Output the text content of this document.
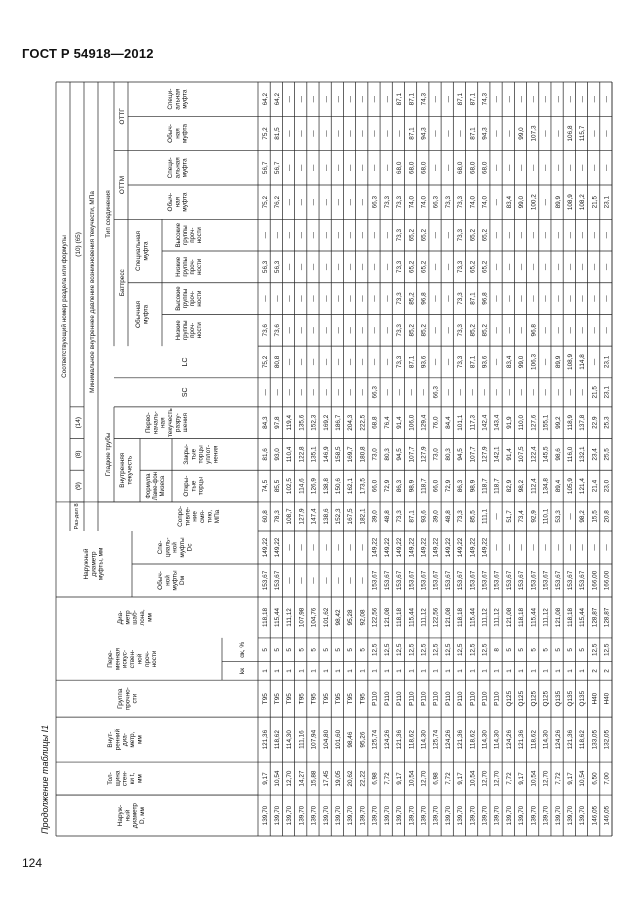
ГОСТ Р 54918—2012
Продолжение таблицы I1	Наруж- ный диаметр D, мм
Тол- щина стен- ки t, мм
Внут- ренний диа- метр, мм
Группа прочно- сти
Пере- менная искус- ствен- ной проч- ности
kк
αк, %
Диа- метр шаб- лона, мм
Наружный диаметр муфты, мм
Обыч- ной муфты Dм
Спе- циаль- ной муфты Dс
Соответствующий номер раздела или формулы
Раз-дел 8
(9)
(8)
(14)
(10) (65) Минимальное внутреннее давление возникновения текучести, МПа
Сопро- тивле- ние смя- тию, МПа
Гладкие трубы Внутренняя текучесть
Формула Ламе-фон Мизеса	Откры- тые торцы
Закры- тые торцы уплот- нения
Перво- началь- ная текучесть разру- шения
SC
LC
Тип соединения
Баттресс
Обычная муфта
Специальная муфта
Низкие группы проч- ности
Высокие группы проч- ности
Низкие группы проч- ности
Высокие группы проч- ности
ОТТМ
ОТТГ
Обыч- ная муфта
Специ- альная муфта
Обыч- ная муфта
Специ- альная муфта
139,70
9,17
121,36
T95
1
5
118,18
153,67
149,22
60,8
74,5
81,6
84,3
—
75,2
73,6
—
56,3
—
75,2
56,7
75,2
64,2
139,70
10,54
118,62
T95
1
5
115,44
153,67
149,22
78,3
85,5
93,0
97,8
—
80,8
73,6
—
56,3
—
76,2
56,7
81,5
64,2
139,70
12,70
114,30
T95
1
5
111,12
—
—
108,7
102,5
110,4
119,4
—
—
—
—
—
—
—
—
—
—
139,70
14,27
111,16
T95
1
5
107,98
—
—
127,9
114,6
122,8
135,6
—
—
—
—
—
—
—
—
—
—
139,70
15,88
107,94
T95
1
5
104,76
—
—
147,4
126,9
135,1
152,3
—
—
—
—
—
—
—
—
—
—
139,70
17,45
104,80
T95
1
5
101,62
—
—
138,6
138,8
146,9
169,2
—
—
—
—
—
—
—
—
—
—
139,70
19,05
101,60
T95
1
5
98,42
—
—
152,3
150,6
158,5
186,7
—
—
—
—
—
—
—
—
—
—
139,70
20,62
98,46
T95
1
5
95,28
—
—
167,5
162,1
169,7
204,3
—
—
—
—
—
—
—
—
—
—
139,70
22,22
95,26
T95
1
5
92,08
—
—
182,1
173,5
180,8
222,5
—
—
—
—
—
—
—
—
—
—
139,70
6,98
125,74
P110
1
12,5
122,56
153,67
149,22
39,0
66,0
73,0
68,8
66,3
—
—
—
—
—
66,3
—
—
—
139,70
7,72
124,26
P110
1
12,5
121,08
153,67
149,22
48,8
72,9
80,3
76,4
—
—
—
—
—
—
73,3
—
—
—
139,70
9,17
121,36
P110
1
12,5
118,18
153,67
149,22
73,3
86,3
94,5
91,4
—
73,3
73,3
73,3
73,3
73,3
73,3
68,0
—
87,1
139,70
10,54
118,62
P110
1
12,5
115,44
153,67
149,22
87,1
98,9
107,7
106,0
—
87,1
85,2
85,2
65,2
65,2
74,0
68,0
87,1
87,1
139,70
12,70
114,30
P110
1
12,5
111,12
153,67
149,22
93,6
118,7
127,9
129,4
—
93,6
85,2
96,8
65,2
65,2
74,0
68,0
94,3
74,3
139,70
6,98
125,74
P110
1
12,5
122,56
153,67
149,22
39,0
66,0
73,0
76,0
66,3
—
—
—
—
—
66,3
—
—
—
139,70
7,72
124,26
P110
1
12,5
121,08
153,67
149,22
48,8
72,9
80,3
84,4
—
—
—
—
—
—
73,3
—
—
—
139,70
9,17
121,36
P110
1
12,5
118,18
153,67
149,22
73,3
86,3
94,5
101,1
—
73,3
73,3
73,3
73,3
73,3
73,3
68,0
—
87,1
139,70
10,54
118,62
P110
1
12,5
115,44
153,67
149,22
85,5
98,9
107,7
117,3
—
87,1
85,2
87,1
65,2
65,2
74,0
68,0
87,1
87,1
139,70
12,70
114,30
P110
1
12,5
111,12
153,67
149,22
111,1
118,7
127,9
142,4
—
93,6
85,2
96,8
65,2
65,2
74,0
68,0
94,3
74,3
139,70
12,70
114,30
P110
1
8
111,12
153,67
—
—
118,7
142,1
143,4
—
—
—
—
—
—
—
—
—
—
139,70
7,72
124,26
Q125
1
5
121,08
153,67
—
51,7
82,9
91,4
91,9
—
83,4
—
—
—
—
83,4
—
—
—
139,70
9,17
121,36
Q125
1
5
118,18
153,67
—
73,4
98,2
107,5
110,0
—
99,0
—
—
—
—
99,0
—
99,0
—
139,70
10,54
118,62
Q125
1
5
115,44
153,67
—
92,9
112,4
122,4
127,6
—
106,3
96,8
—
—
—
100,2
—
107,3
—
139,70
12,70
114,30
Q125
1
5
111,12
153,67
—
110,1
134,8
145,5
155,1
—
—
—
—
—
—
—
—
—
—
139,70
7,72
124,26
Q135
1
5
121,08
153,67
—
53,3
89,4
98,6
99,2
—
89,9
—
—
—
—
89,9
—
—
—
139,70
9,17
121,36
Q135
1
5
118,18
153,67
—
—
105,9
116,0
118,9
—
108,9
—
—
—
—
108,9
—
106,8
—
139,70
10,54
118,62
Q135
1
5
115,44
153,67
—
98,2
121,4
132,1
137,8
—
114,8
—
—
—
—
108,2
—
115,7
—
146,05
6,50
133,05
H40
2
12,5
128,87
166,00
—
15,5
21,4
23,4
22,9
21,5
—
—
—
—
—
21,5
—
—
—
146,05
7,00
132,05
H40
2
12,5
128,87
166,00
—
20,8
23,0
25,5
25,3
23,1
23,1
—
—
—
—
23,1
—
—
—
124
